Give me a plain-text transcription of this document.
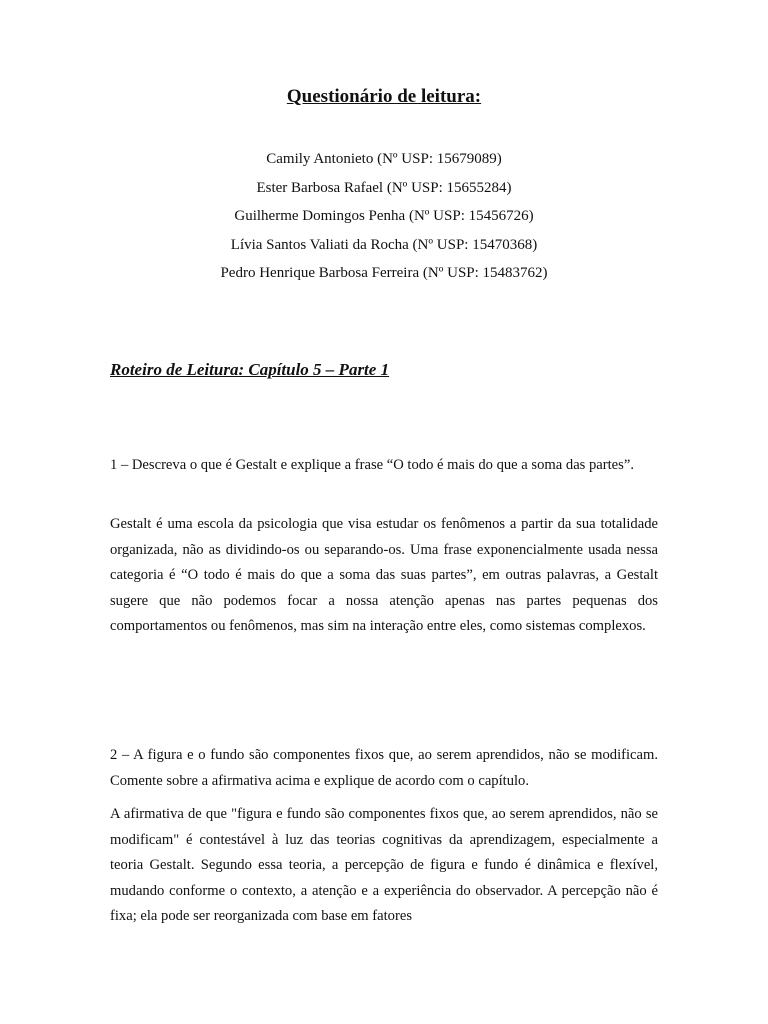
Questionário de leitura:
Camily Antonieto (Nº USP: 15679089)
Ester Barbosa Rafael (Nº USP: 15655284)
Guilherme Domingos Penha (Nº USP: 15456726)
Lívia Santos Valiati da Rocha (Nº USP: 15470368)
Pedro Henrique Barbosa Ferreira (Nº USP: 15483762)
Roteiro de Leitura: Capítulo 5 – Parte 1

1 – Descreva o que é Gestalt e explique a frase “O todo é mais do que a soma das partes”.

Gestalt é uma escola da psicologia que visa estudar os fenômenos a partir da sua totalidade organizada, não as dividindo-os ou separando-os. Uma frase exponencialmente usada nessa categoria é “O todo é mais do que a soma das suas partes”, em outras palavras, a Gestalt sugere que não podemos focar a nossa atenção apenas nas partes pequenas dos comportamentos ou fenômenos, mas sim na interação entre eles, como sistemas complexos.

2 – A figura e o fundo são componentes fixos que, ao serem aprendidos, não se modificam. Comente sobre a afirmativa acima e explique de acordo com o capítulo.

A afirmativa de que "figura e fundo são componentes fixos que, ao serem aprendidos, não se modificam" é contestável à luz das teorias cognitivas da aprendizagem, especialmente a teoria Gestalt. Segundo essa teoria, a percepção de figura e fundo é dinâmica e flexível, mudando conforme o contexto, a atenção e a experiência do observador. A percepção não é fixa; ela pode ser reorganizada com base em fatores
